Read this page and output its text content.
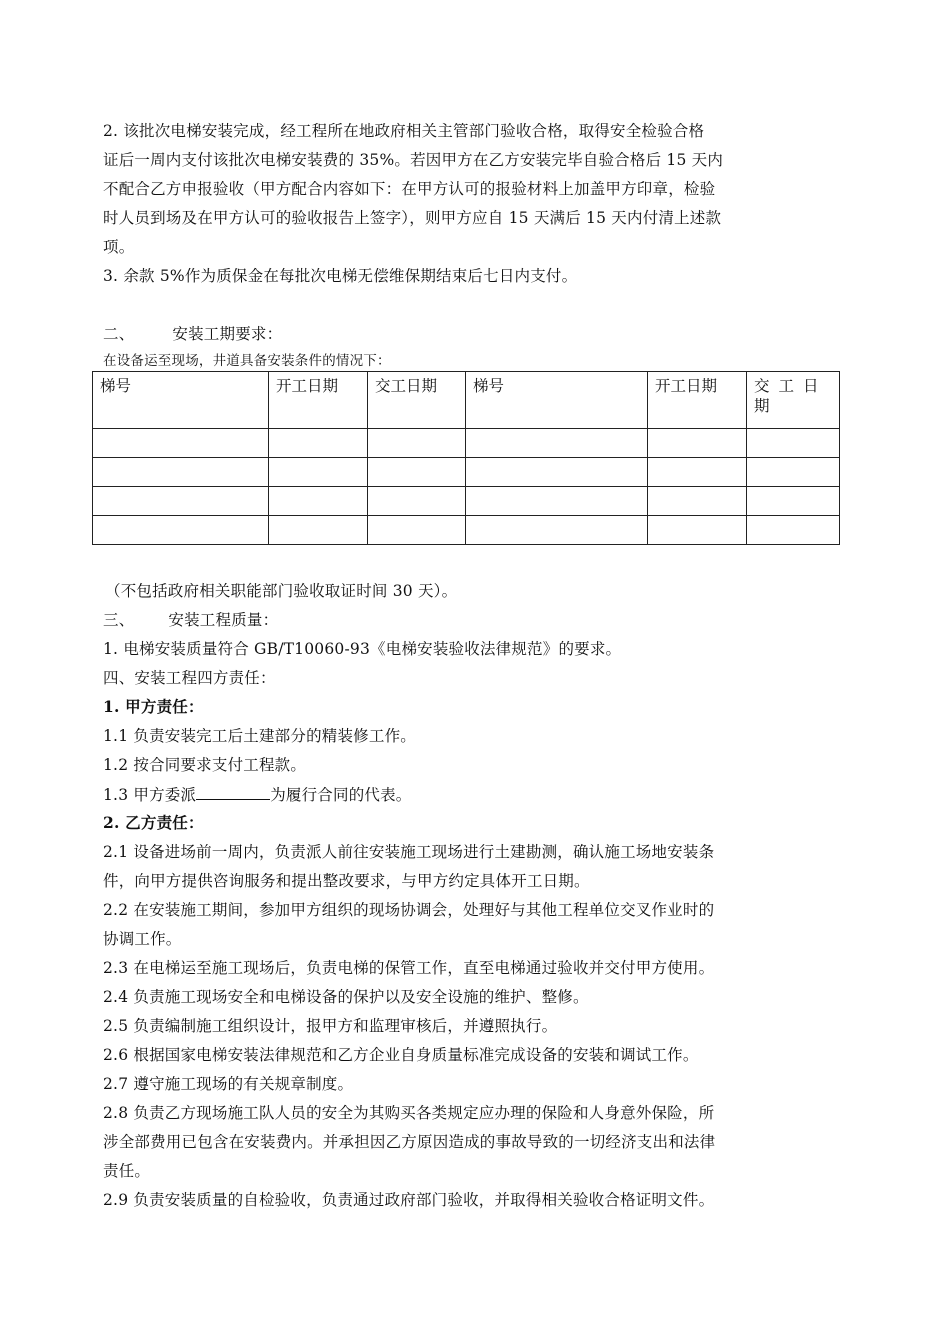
2. 该批次电梯安装完成，经工程所在地政府相关主管部门验收合格，取得安全检验合格
证后一周内支付该批次电梯安装费的 35%。若因甲方在乙方安装完毕自验合格后 15 天内
不配合乙方申报验收（甲方配合内容如下：在甲方认可的报验材料上加盖甲方印章，检验
时人员到场及在甲方认可的验收报告上签字），则甲方应自 15 天满后 15 天内付清上述款
项。
3. 余款 5%作为质保金在每批次电梯无偿维保期结束后七日内支付。
二、 安装工期要求：
在设备运至现场，井道具备安装条件的情况下：
梯号	开工日期	交工日期	梯号	开工日期	交工日期

（不包括政府相关职能部门验收取证时间 30 天）。
三、 安装工程质量：
1. 电梯安装质量符合 GB/T10060-93《电梯安装验收法律规范》的要求。
四、安装工程四方责任：
1. 甲方责任：
1.1 负责安装完工后土建部分的精装修工作。
1.2 按合同要求支付工程款。
1.3 甲方委派	为履行合同的代表。
2. 乙方责任：
2.1 设备进场前一周内，负责派人前往安装施工现场进行土建勘测，确认施工场地安装条
件，向甲方提供咨询服务和提出整改要求，与甲方约定具体开工日期。
2.2 在安装施工期间，参加甲方组织的现场协调会，处理好与其他工程单位交叉作业时的
协调工作。
2.3 在电梯运至施工现场后，负责电梯的保管工作，直至电梯通过验收并交付甲方使用。
2.4 负责施工现场安全和电梯设备的保护以及安全设施的维护、整修。
2.5 负责编制施工组织设计，报甲方和监理审核后，并遵照执行。
2.6 根据国家电梯安装法律规范和乙方企业自身质量标准完成设备的安装和调试工作。
2.7 遵守施工现场的有关规章制度。
2.8 负责乙方现场施工队人员的安全为其购买各类规定应办理的保险和人身意外保险，所
涉全部费用已包含在安装费内。并承担因乙方原因造成的事故导致的一切经济支出和法律
责任。
2.9 负责安装质量的自检验收，负责通过政府部门验收，并取得相关验收合格证明文件。
